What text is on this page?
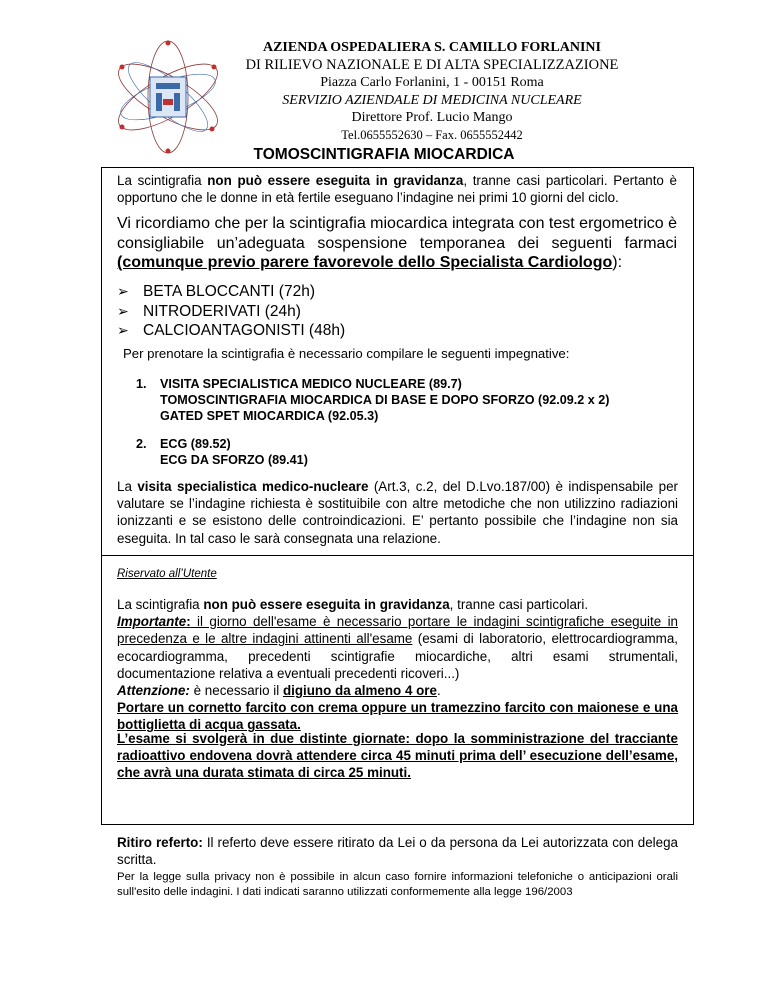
AZIENDA OSPEDALIERA S. CAMILLO FORLANINI
DI RILIEVO NAZIONALE E DI ALTA SPECIALIZZAZIONE
Piazza Carlo Forlanini, 1 - 00151 Roma
SERVIZIO AZIENDALE DI MEDICINA NUCLEARE
Direttore Prof. Lucio Mango
Tel.0655552630 – Fax. 0655552442
TOMOSCINTIGRAFIA MIOCARDICA
La scintigrafia non può essere eseguita in gravidanza, tranne casi particolari. Pertanto è opportuno che le donne in età fertile eseguano l’indagine nei primi 10 giorni del ciclo.
Vi ricordiamo che per la scintigrafia miocardica integrata con test ergometrico è consigliabile un’adeguata sospensione temporanea dei seguenti farmaci (comunque previo parere favorevole dello Specialista Cardiologo):
➢ BETA BLOCCANTI (72h)
➢ NITRODERIVATI (24h)
➢ CALCIOANTAGONISTI (48h)
Per prenotare la scintigrafia è necessario compilare le seguenti impegnative:
1.	VISITA SPECIALISTICA MEDICO NUCLEARE (89.7)
TOMOSCINTIGRAFIA MIOCARDICA DI BASE E DOPO SFORZO (92.09.2 x 2)
GATED SPET MIOCARDICA (92.05.3)
2.	ECG (89.52)
ECG DA SFORZO (89.41)
La visita specialistica medico-nucleare (Art.3, c.2, del D.Lvo.187/00) è indispensabile per valutare se l’indagine richiesta è sostituibile con altre metodiche che non utilizzino radiazioni ionizzanti e se esistono delle controindicazioni. E’ pertanto possibile che l’indagine non sia eseguita. In tal caso le sarà consegnata una relazione.
Riservato all’Utente
La scintigrafia non può essere eseguita in gravidanza, tranne casi particolari.
Importante: il giorno dell'esame è necessario portare le indagini scintigrafiche eseguite in precedenza e le altre indagini attinenti all'esame (esami di laboratorio, elettrocardiogramma, ecocardiogramma, precedenti scintigrafie miocardiche, altri esami strumentali, documentazione relativa a eventuali precedenti ricoveri...)
Attenzione: è necessario il digiuno da almeno 4 ore.
Portare un cornetto farcito con crema oppure un tramezzino farcito con maionese e una bottiglietta di acqua gassata.
L’esame si svolgerà in due distinte giornate: dopo la somministrazione del tracciante radioattivo endovena dovrà attendere circa 45 minuti prima dell’ esecuzione dell’esame, che avrà una durata stimata di circa 25 minuti.
Ritiro referto: Il referto deve essere ritirato da Lei o da persona da Lei autorizzata con delega scritta.
Per la legge sulla privacy non è possibile in alcun caso fornire informazioni telefoniche o anticipazioni orali sull'esito delle indagini. I dati indicati saranno utilizzati conformemente alla legge 196/2003
